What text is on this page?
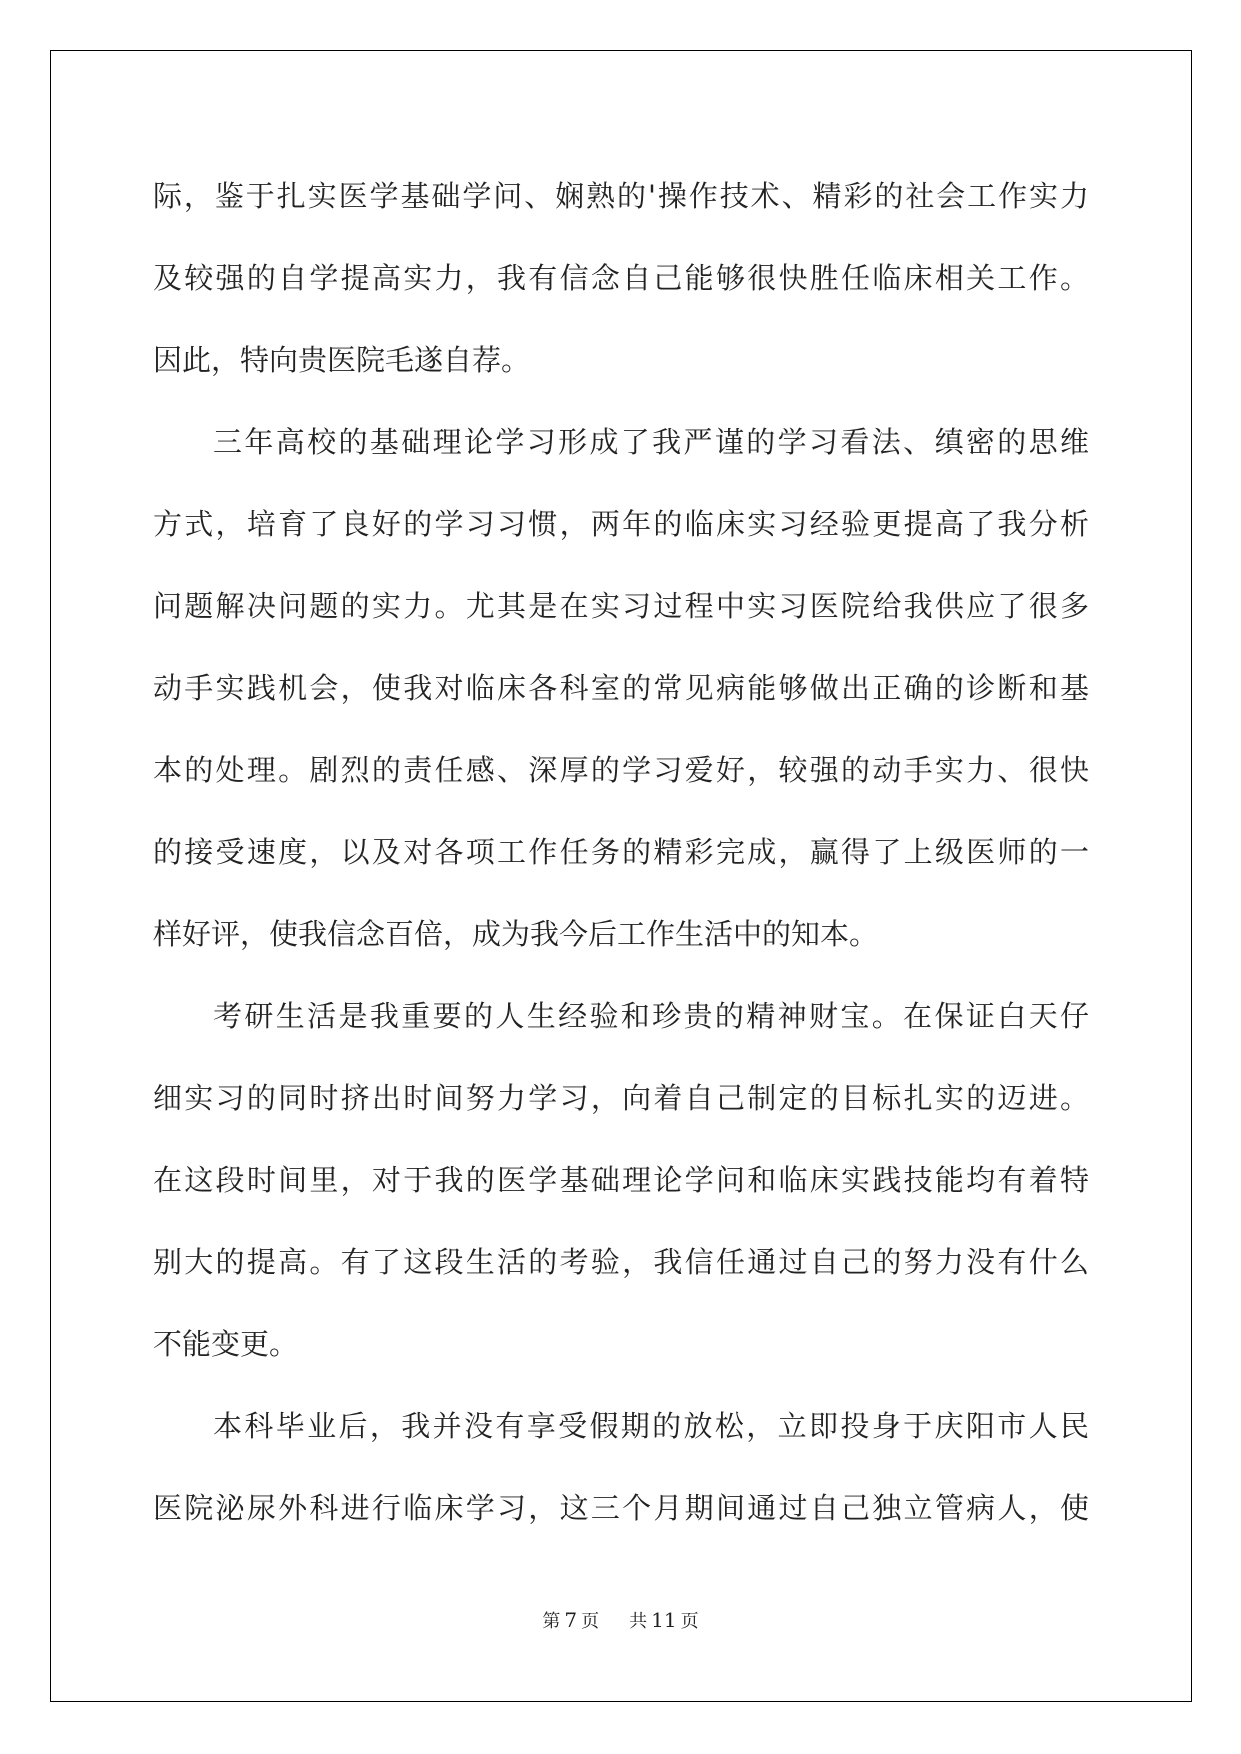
际，鉴于扎实医学基础学问、娴熟的'操作技术、精彩的社会工作实力
及较强的自学提高实力，我有信念自己能够很快胜任临床相关工作。
因此，特向贵医院毛遂自荐。
三年高校的基础理论学习形成了我严谨的学习看法、缜密的思维
方式，培育了良好的学习习惯，两年的临床实习经验更提高了我分析
问题解决问题的实力。尤其是在实习过程中实习医院给我供应了很多
动手实践机会，使我对临床各科室的常见病能够做出正确的诊断和基
本的处理。剧烈的责任感、深厚的学习爱好，较强的动手实力、很快
的接受速度，以及对各项工作任务的精彩完成，赢得了上级医师的一
样好评，使我信念百倍，成为我今后工作生活中的知本。
考研生活是我重要的人生经验和珍贵的精神财宝。在保证白天仔
细实习的同时挤出时间努力学习，向着自己制定的目标扎实的迈进。
在这段时间里，对于我的医学基础理论学问和临床实践技能均有着特
别大的提高。有了这段生活的考验，我信任通过自己的努力没有什么
不能变更。
本科毕业后，我并没有享受假期的放松，立即投身于庆阳市人民
医院泌尿外科进行临床学习，这三个月期间通过自己独立管病人，使
第 7 页 共 11 页
